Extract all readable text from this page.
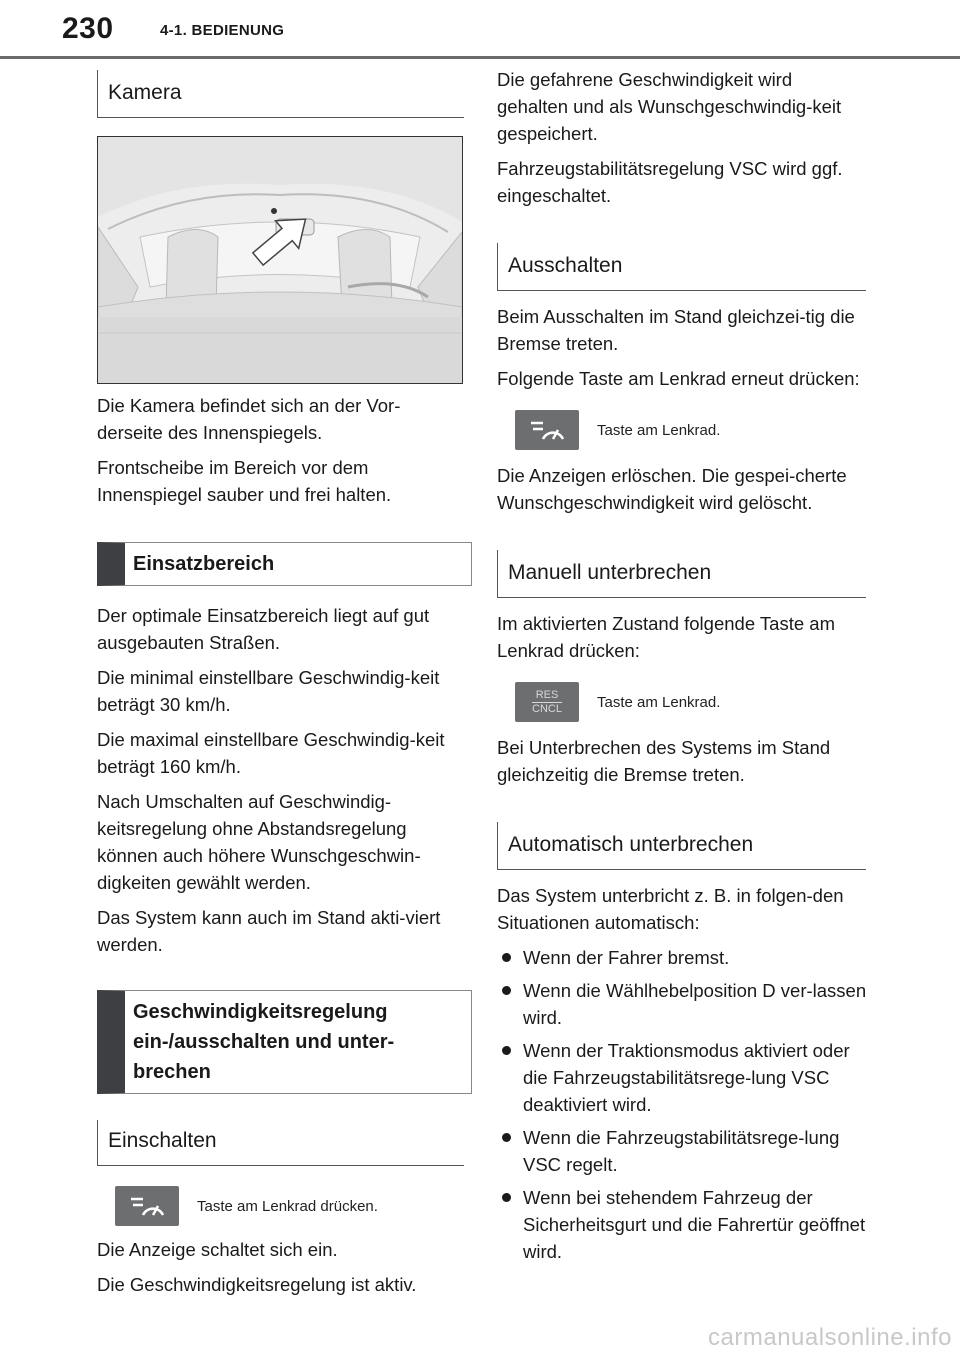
230	4-1. BEDIENUNG
Kamera

Die Kamera befindet sich an der Vor-derseite des Innenspiegels.

Frontscheibe im Bereich vor dem Innenspiegel sauber und frei halten.

Einsatzbereich

Der optimale Einsatzbereich liegt auf gut ausgebauten Straßen.

Die minimal einstellbare Geschwindig-keit beträgt 30 km/h.

Die maximal einstellbare Geschwindig-keit beträgt 160 km/h.

Nach Umschalten auf Geschwindig-keitsregelung ohne Abstandsregelung können auch höhere Wunschgeschwin-digkeiten gewählt werden.

Das System kann auch im Stand akti-viert werden.

Geschwindigkeitsregelung ein-/ausschalten und unter-brechen
Einschalten
Taste am Lenkrad drücken.

Die Anzeige schaltet sich ein.

Die Geschwindigkeitsregelung ist aktiv.

Die gefahrene Geschwindigkeit wird gehalten und als Wunschgeschwindig-keit gespeichert.

Fahrzeugstabilitätsregelung VSC wird ggf. eingeschaltet.

Ausschalten

Beim Ausschalten im Stand gleichzei-tig die Bremse treten.

Folgende Taste am Lenkrad erneut drücken:

Taste am Lenkrad.

Die Anzeigen erlöschen. Die gespei-cherte Wunschgeschwindigkeit wird gelöscht.

Manuell unterbrechen

Im aktivierten Zustand folgende Taste am Lenkrad drücken:

RES
CNCL Taste am Lenkrad.

Bei Unterbrechen des Systems im Stand gleichzeitig die Bremse treten.

Automatisch unterbrechen

Das System unterbricht z. B. in folgen-den Situationen automatisch:

Wenn der Fahrer bremst.
Wenn die Wählhebelposition D ver-lassen wird.
Wenn der Traktionsmodus aktiviert oder die Fahrzeugstabilitätsrege-lung VSC deaktiviert wird.
Wenn die Fahrzeugstabilitätsrege-lung VSC regelt.
Wenn bei stehendem Fahrzeug der Sicherheitsgurt und die Fahrertür geöffnet wird.
carmanualsonline.info
